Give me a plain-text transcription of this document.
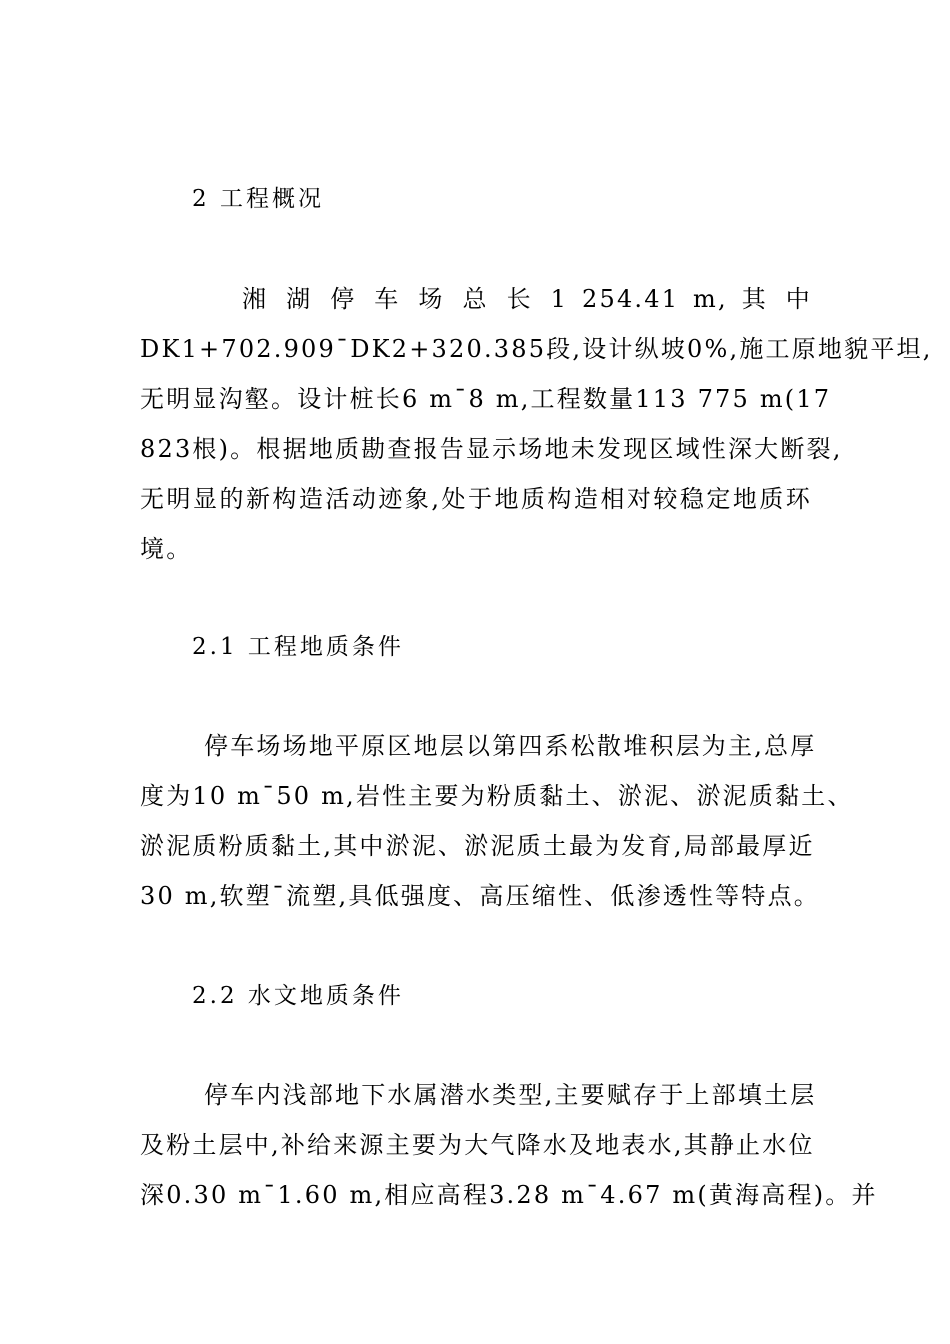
2 工程概况
湘 湖 停 车 场 总 长 1 254.41 m, 其 中
DK1+702.909¯DK2+320.385段,设计纵坡0%,施工原地貌平坦,
无明显沟壑。设计桩长6 m¯8 m,工程数量113 775 m(17
823根)。根据地质勘查报告显示场地未发现区域性深大断裂,
无明显的新构造活动迹象,处于地质构造相对较稳定地质环
境。
2.1 工程地质条件
停车场场地平原区地层以第四系松散堆积层为主,总厚
度为10 m¯50 m,岩性主要为粉质黏土、淤泥、淤泥质黏土、
淤泥质粉质黏土,其中淤泥、淤泥质土最为发育,局部最厚近
30 m,软塑¯流塑,具低强度、高压缩性、低渗透性等特点。
2.2 水文地质条件
停车内浅部地下水属潜水类型,主要赋存于上部填土层
及粉土层中,补给来源主要为大气降水及地表水,其静止水位
深0.30 m¯1.60 m,相应高程3.28 m¯4.67 m(黄海高程)。并
